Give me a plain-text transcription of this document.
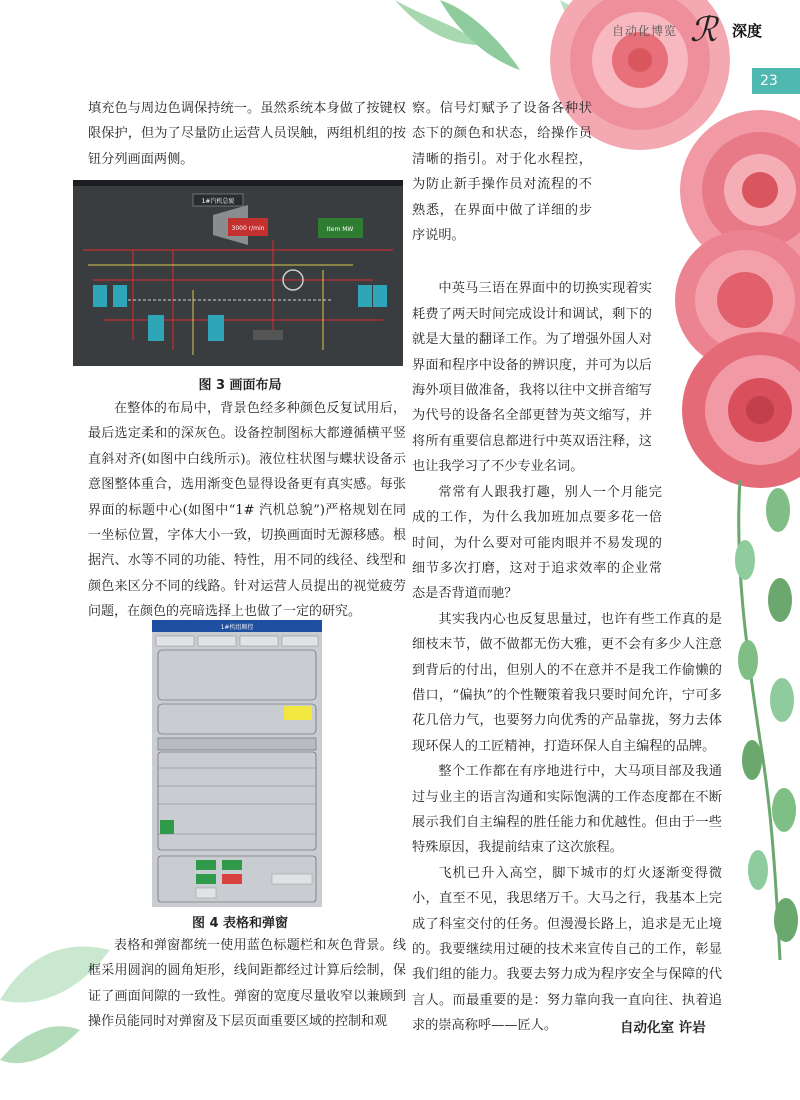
自动化博览 ℛ 深度
23

填充色与周边色调保持统一。虽然系统本身做了按键权限保护，但为了尽量防止运营人员误触，两组机组的按钮分列画面两侧。

1#汽机总貌
3000 r/min	Item MW
图 3 画面布局

在整体的布局中，背景色经多种颜色反复试用后，最后选定柔和的深灰色。设备控制图标大都遵循横平竖直斜对齐(如图中白线所示)。液位柱状图与蝶状设备示意图整体重合，选用渐变色显得设备更有真实感。每张界面的标题中心(如图中“1# 汽机总貌”)严格规划在同一坐标位置，字体大小一致，切换画面时无源移感。根据汽、水等不同的功能、特性，用不同的线径、线型和颜色来区分不同的线路。针对运营人员提出的视觉疲劳问题，在颜色的亮暗选择上也做了一定的研究。

1#机组顺控
图 4 表格和弹窗

表格和弹窗都统一使用蓝色标题栏和灰色背景。线框采用圆润的圆角矩形，线间距都经过计算后绘制，保证了画面间隙的一致性。弹窗的宽度尽量收窄以兼顾到操作员能同时对弹窗及下层页面重要区域的控制和观

察。信号灯赋予了设备各种状态下的颜色和状态，给操作员清晰的指引。对于化水程控，为防止新手操作员对流程的不熟悉，在界面中做了详细的步序说明。

中英马三语在界面中的切换实现着实耗费了两天时间完成设计和调试，剩下的就是大量的翻译工作。为了增强外国人对界面和程序中设备的辨识度，并可为以后海外项目做准备，我将以往中文拼音缩写为代号的设备名全部更替为英文缩写，并将所有重要信息都进行中英双语注释，这也让我学习了不少专业名词。

常常有人跟我打趣，别人一个月能完成的工作，为什么我加班加点要多花一倍时间，为什么要对可能肉眼并不易发现的细节多次打磨，这对于追求效率的企业常态是否背道而驰？

其实我内心也反复思量过，也许有些工作真的是细枝末节，做不做都无伤大雅，更不会有多少人注意到背后的付出，但别人的不在意并不是我工作偷懒的借口，“偏执”的个性鞭策着我只要时间允许，宁可多花几倍力气，也要努力向优秀的产品靠拢，努力去体现环保人的工匠精神，打造环保人自主编程的品牌。

整个工作都在有序地进行中，大马项目部及我通过与业主的语言沟通和实际饱满的工作态度都在不断展示我们自主编程的胜任能力和优越性。但由于一些特殊原因，我提前结束了这次旅程。

飞机已升入高空，脚下城市的灯火逐渐变得微小，直至不见，我思绪万千。大马之行，我基本上完成了科室交付的任务。但漫漫长路上，追求是无止境的。我要继续用过硬的技术来宣传自己的工作，彰显我们组的能力。我要去努力成为程序安全与保障的代言人。而最重要的是：努力靠向我一直向往、执着追求的崇高称呼——匠人。	自动化室 许岩
